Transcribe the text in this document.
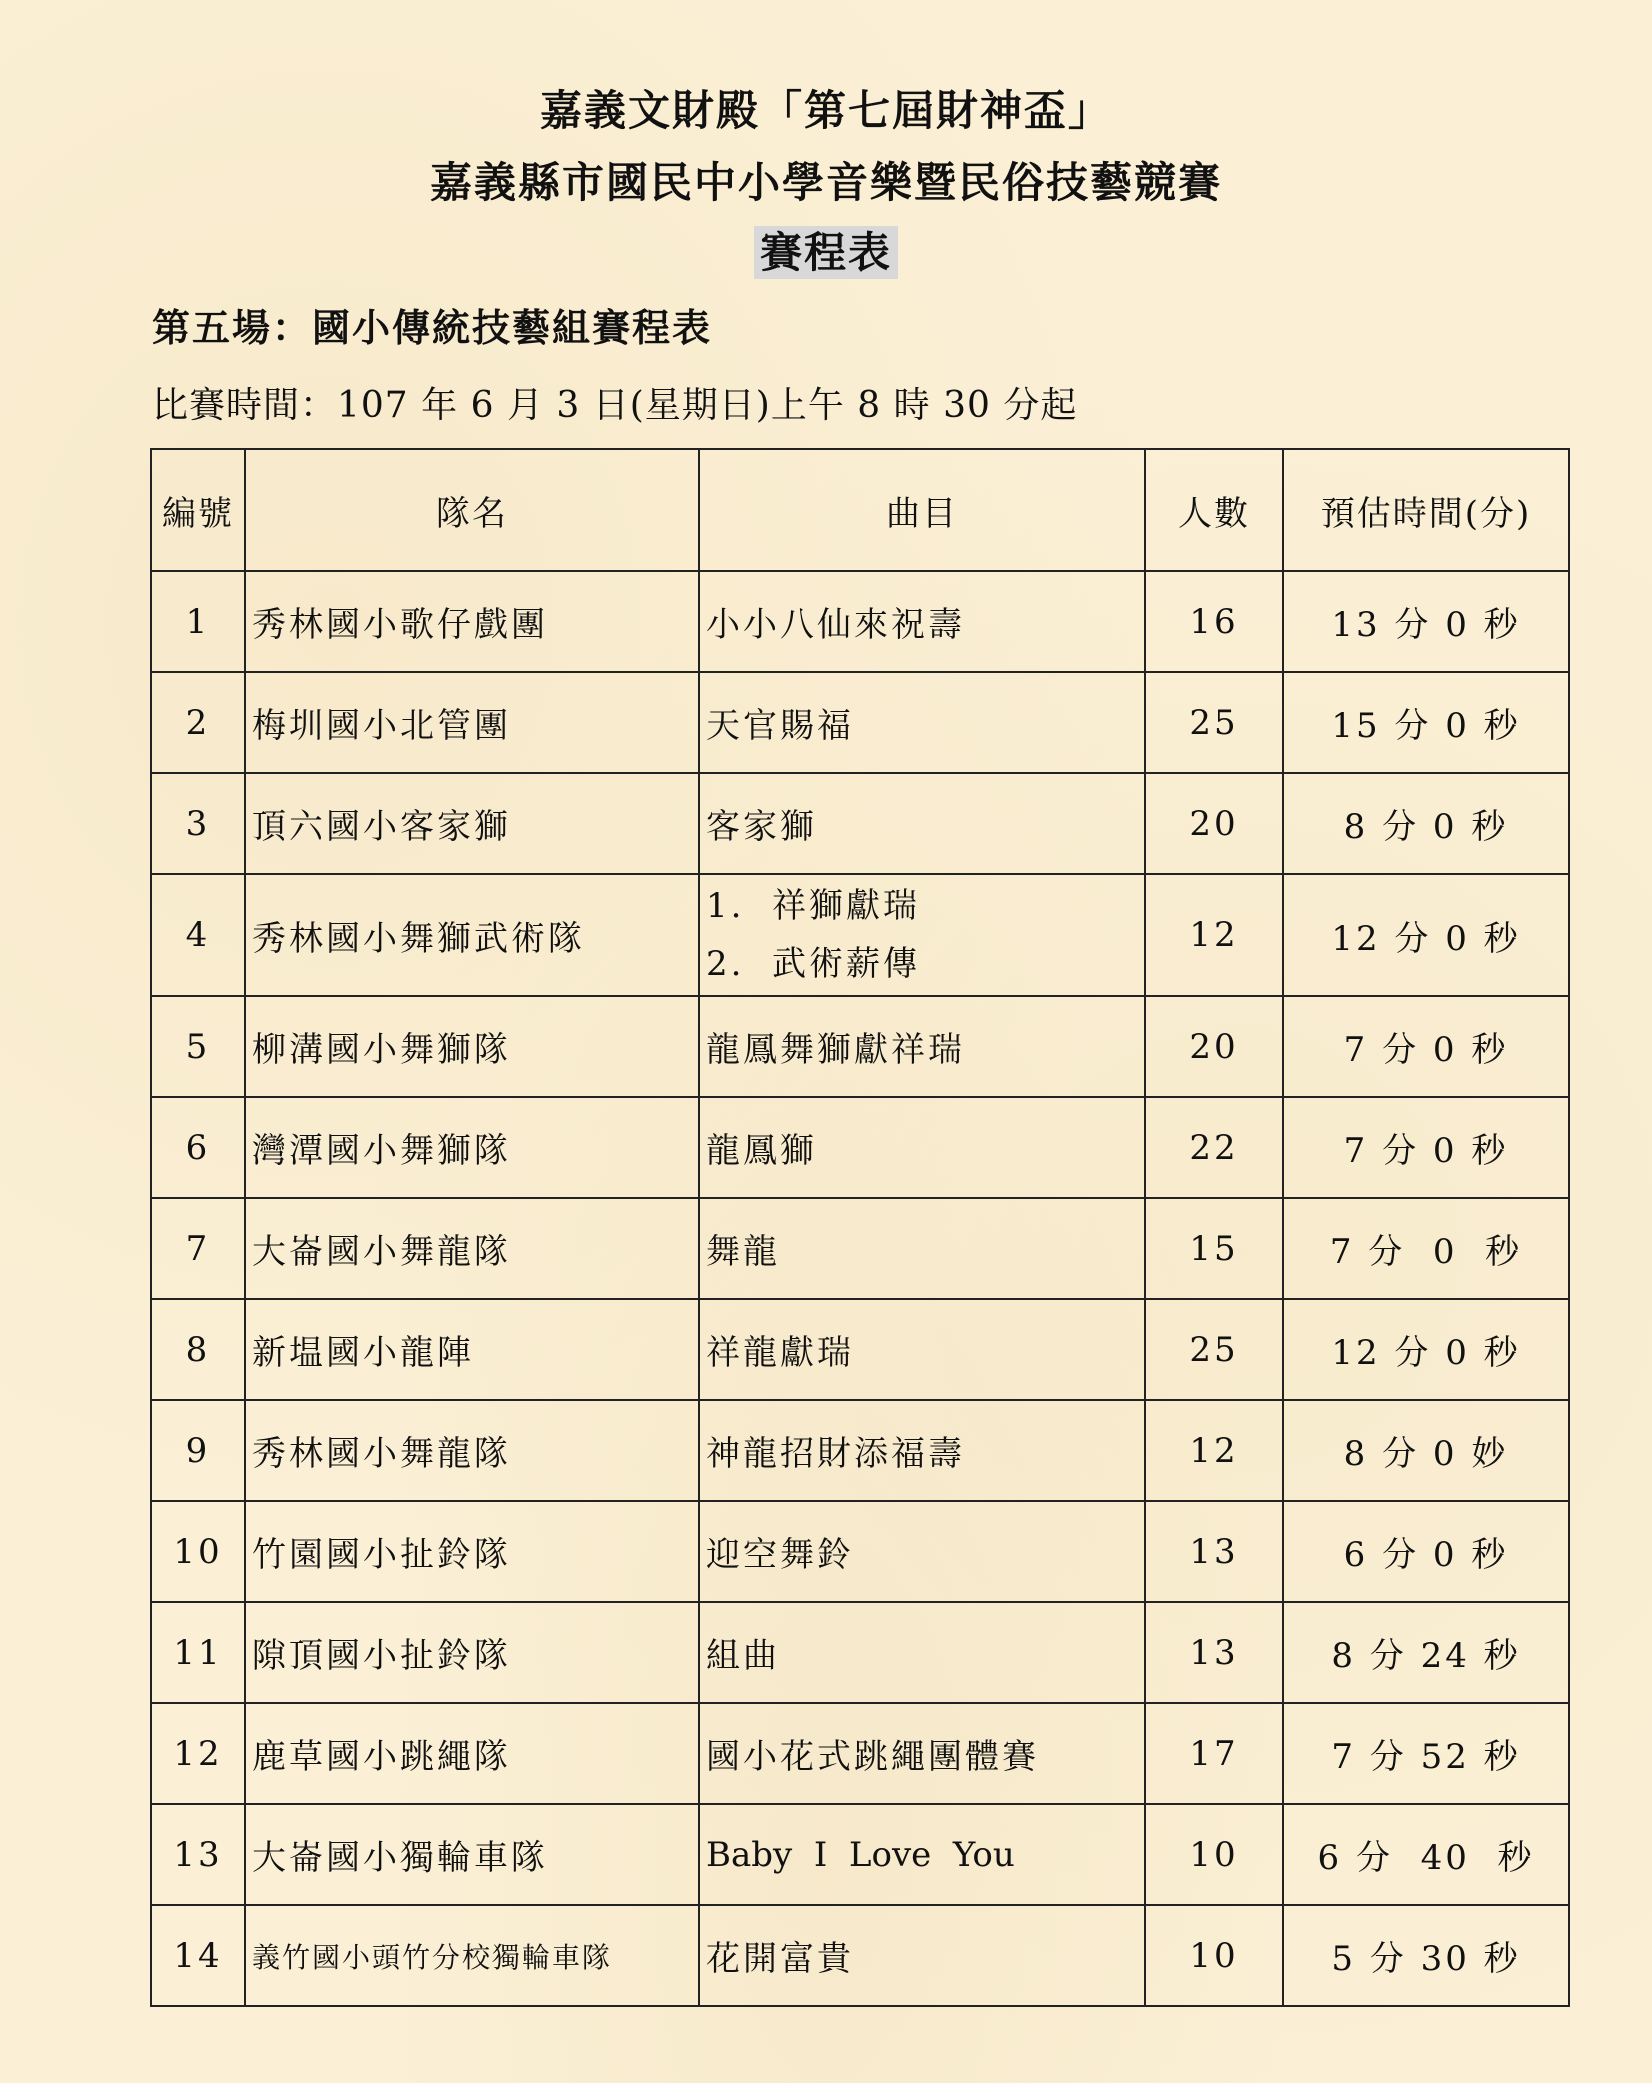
嘉義文財殿「第七屆財神盃」
嘉義縣市國民中小學音樂暨民俗技藝競賽
賽程表
第五場：國小傳統技藝組賽程表
比賽時間：107 年 6 月 3 日(星期日)上午 8 時 30 分起
編號	隊名	曲目	人數	預估時間(分)
1	秀林國小歌仔戲團	小小八仙來祝壽	16	13 分 0 秒
2	梅圳國小北管團	天官賜福	25	15 分 0 秒
3	頂六國小客家獅	客家獅	20	8 分 0 秒
4	秀林國小舞獅武術隊	1.  祥獅獻瑞
2.  武術薪傳	12	12 分 0 秒
5	柳溝國小舞獅隊	龍鳳舞獅獻祥瑞	20	7 分 0 秒
6	灣潭國小舞獅隊	龍鳳獅	22	7 分 0 秒
7	大崙國小舞龍隊	舞龍	15	7 分  0  秒
8	新塭國小龍陣	祥龍獻瑞	25	12 分 0 秒
9	秀林國小舞龍隊	神龍招財添福壽	12	8 分 0 妙
10	竹園國小扯鈴隊	迎空舞鈴	13	6 分 0 秒
11	隙頂國小扯鈴隊	組曲	13	8 分 24 秒
12	鹿草國小跳繩隊	國小花式跳繩團體賽	17	7 分 52 秒
13	大崙國小獨輪車隊	Baby  I  Love  You	10	6 分  40  秒
14	義竹國小頭竹分校獨輪車隊	花開富貴	10	5 分 30 秒
